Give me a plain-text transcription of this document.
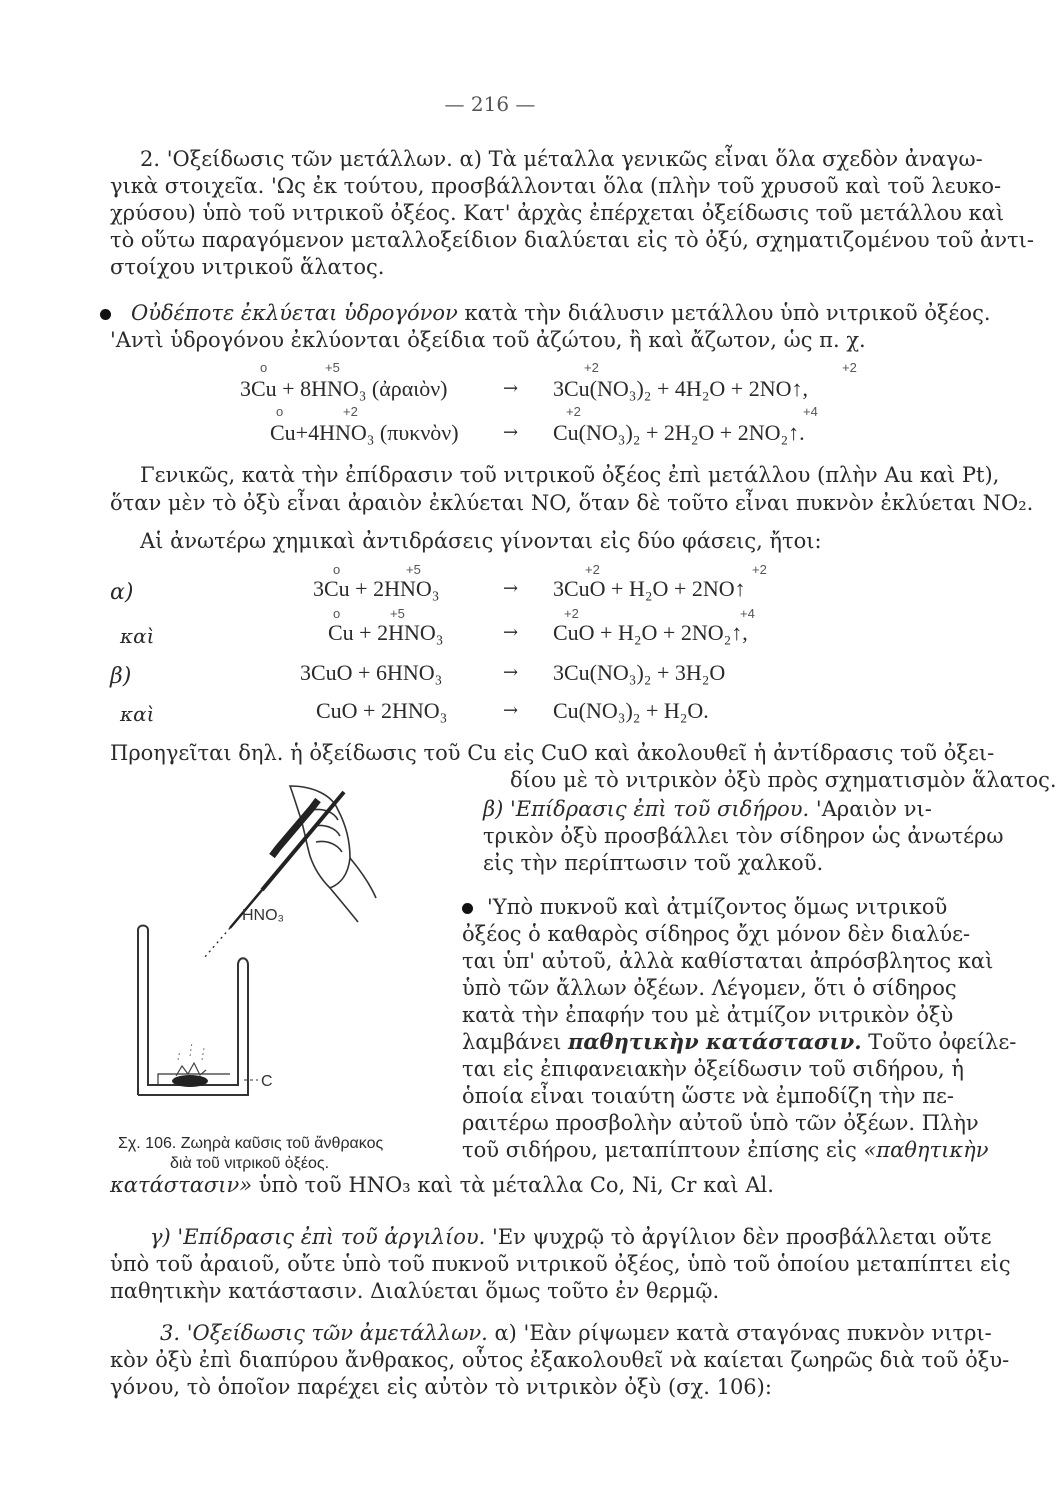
— 216 —
2. 'Οξείδωσις τῶν μετάλλων. α) Τὰ μέταλλα γενικῶς εἶναι ὅλα σχεδὸν ἀναγω-
γικὰ στοιχεῖα. 'Ως ἐκ τούτου, προσβάλλονται ὅλα (πλὴν τοῦ χρυσοῦ καὶ τοῦ λευκο-
χρύσου) ὑπὸ τοῦ νιτρικοῦ ὀξέος. Κατ' ἀρχὰς ἐπέρχεται ὀξείδωσις τοῦ μετάλλου καὶ
τὸ οὕτω παραγόμενον μεταλλοξείδιον διαλύεται εἰς τὸ ὀξύ, σχηματιζομένου τοῦ ἀντι-
στοίχου νιτρικοῦ ἅλατος.
Οὐδέποτε ἐκλύεται ὑδρογόνον κατὰ τὴν διάλυσιν μετάλλου ὑπὸ νιτρικοῦ ὀξέος.
'Αντὶ ὑδρογόνου ἐκλύονται ὀξείδια τοῦ ἀζώτου, ἢ καὶ ἄζωτον, ὡς π. χ.
o	+5	+2	+2
3Cu + 8HNO₃ (ἀραιὸν)	→ 3Cu(NO₃)₂ + 4H₂O + 2NO↑,
o	+2	+2	+4
Cu+4HNO₃ (πυκνὸν) → Cu(NO₃)₂ + 2H₂O + 2NO₂↑.
Γενικῶς, κατὰ τὴν ἐπίδρασιν τοῦ νιτρικοῦ ὀξέος ἐπὶ μετάλλου (πλὴν Au καὶ Pt),
ὅταν μὲν τὸ ὀξὺ εἶναι ἀραιὸν ἐκλύεται NO, ὅταν δὲ τοῦτο εἶναι πυκνὸν ἐκλύεται NO₂.
Αἱ ἀνωτέρω χημικαὶ ἀντιδράσεις γίνονται εἰς δύο φάσεις, ἤτοι:
o	+5	+2	+2
α)	3Cu + 2HNO₃	→ 3CuO + H₂O + 2NO↑
o	+5	+2	+4
καὶ	Cu + 2HNO₃	→ CuO + H₂O + 2NO₂↑,
β)	3CuO + 6HNO₃	→ 3Cu(NO₃)₂ + 3H₂O
καὶ	CuO + 2HNO₃	→ Cu(NO₃)₂ + H₂O.
Προηγεῖται δηλ. ἡ ὀξείδωσις τοῦ Cu εἰς CuO καὶ ἀκολουθεῖ ἡ ἀντίδρασις τοῦ ὀξει-
δίου μὲ τὸ νιτρικὸν ὀξὺ πρὸς σχηματισμὸν ἅλατος.
β) 'Επίδρασις ἐπὶ τοῦ σιδήρου. 'Αραιὸν νι-
τρικὸν ὀξὺ προσβάλλει τὸν σίδηρον ὡς ἀνωτέρω
εἰς τὴν περίπτωσιν τοῦ χαλκοῦ.
'Υπὸ πυκνοῦ καὶ ἀτμίζοντος ὅμως νιτρικοῦ
ὀξέος ὁ καθαρὸς σίδηρος ὄχι μόνον δὲν διαλύε-
ται ὑπ' αὐτοῦ, ἀλλὰ καθίσταται ἀπρόσβλητος καὶ
ὑπὸ τῶν ἄλλων ὀξέων. Λέγομεν, ὅτι ὁ σίδηρος
κατὰ τὴν ἐπαφήν του μὲ ἀτμίζον νιτρικὸν ὀξὺ
λαμβάνει παθητικὴν κατάστασιν. Τοῦτο ὀφείλε-
ται εἰς ἐπιφανειακὴν ὀξείδωσιν τοῦ σιδήρου, ἡ
ὁποία εἶναι τοιαύτη ὥστε νὰ ἐμποδίζη τὴν πε-
ραιτέρω προσβολὴν αὐτοῦ ὑπὸ τῶν ὀξέων. Πλὴν
τοῦ σιδήρου, μεταπίπτουν ἐπίσης εἰς «παθητικὴν
κατάστασιν» ὑπὸ τοῦ HNO₃ καὶ τὰ μέταλλα Co, Ni, Cr καὶ Al.
HNO₃
C
Σχ. 106. Ζωηρὰ καῦσις τοῦ ἄνθρακος
διὰ τοῦ νιτρικοῦ ὀξέος.
γ) 'Επίδρασις ἐπὶ τοῦ ἀργιλίου. 'Εν ψυχρῷ τὸ ἀργίλιον δὲν προσβάλλεται οὔτε
ὑπὸ τοῦ ἀραιοῦ, οὔτε ὑπὸ τοῦ πυκνοῦ νιτρικοῦ ὀξέος, ὑπὸ τοῦ ὁποίου μεταπίπτει εἰς
παθητικὴν κατάστασιν. Διαλύεται ὅμως τοῦτο ἐν θερμῷ.
3. 'Οξείδωσις τῶν ἀμετάλλων. α) 'Εὰν ρίψωμεν κατὰ σταγόνας πυκνὸν νιτρι-
κὸν ὀξὺ ἐπὶ διαπύρου ἄνθρακος, οὗτος ἐξακολουθεῖ νὰ καίεται ζωηρῶς διὰ τοῦ ὀξυ-
γόνου, τὸ ὁποῖον παρέχει εἰς αὐτὸν τὸ νιτρικὸν ὀξὺ (σχ. 106):
